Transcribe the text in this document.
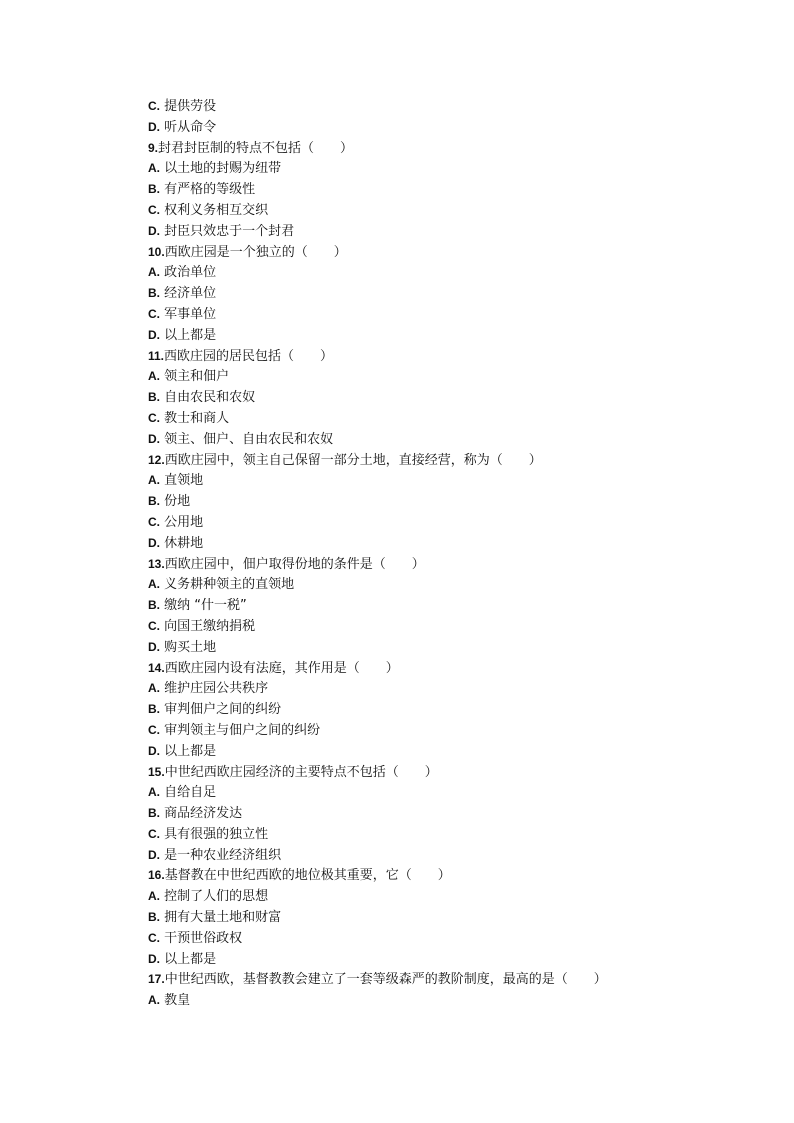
C. 提供劳役
D. 听从命令
9.封君封臣制的特点不包括（　　）
A. 以土地的封赐为纽带
B. 有严格的等级性
C. 权利义务相互交织
D. 封臣只效忠于一个封君
10.西欧庄园是一个独立的（　　）
A. 政治单位
B. 经济单位
C. 军事单位
D. 以上都是
11.西欧庄园的居民包括（　　）
A. 领主和佃户
B. 自由农民和农奴
C. 教士和商人
D. 领主、佃户、自由农民和农奴
12.西欧庄园中，领主自己保留一部分土地，直接经营，称为（　　）
A. 直领地
B. 份地
C. 公用地
D. 休耕地
13.西欧庄园中，佃户取得份地的条件是（　　）
A. 义务耕种领主的直领地
B. 缴纳 “什一税”
C. 向国王缴纳捐税
D. 购买土地
14.西欧庄园内设有法庭，其作用是（　　）
A. 维护庄园公共秩序
B. 审判佃户之间的纠纷
C. 审判领主与佃户之间的纠纷
D. 以上都是
15.中世纪西欧庄园经济的主要特点不包括（　　）
A. 自给自足
B. 商品经济发达
C. 具有很强的独立性
D. 是一种农业经济组织
16.基督教在中世纪西欧的地位极其重要，它（　　）
A. 控制了人们的思想
B. 拥有大量土地和财富
C. 干预世俗政权
D. 以上都是
17.中世纪西欧，基督教教会建立了一套等级森严的教阶制度，最高的是（　　）
A. 教皇
